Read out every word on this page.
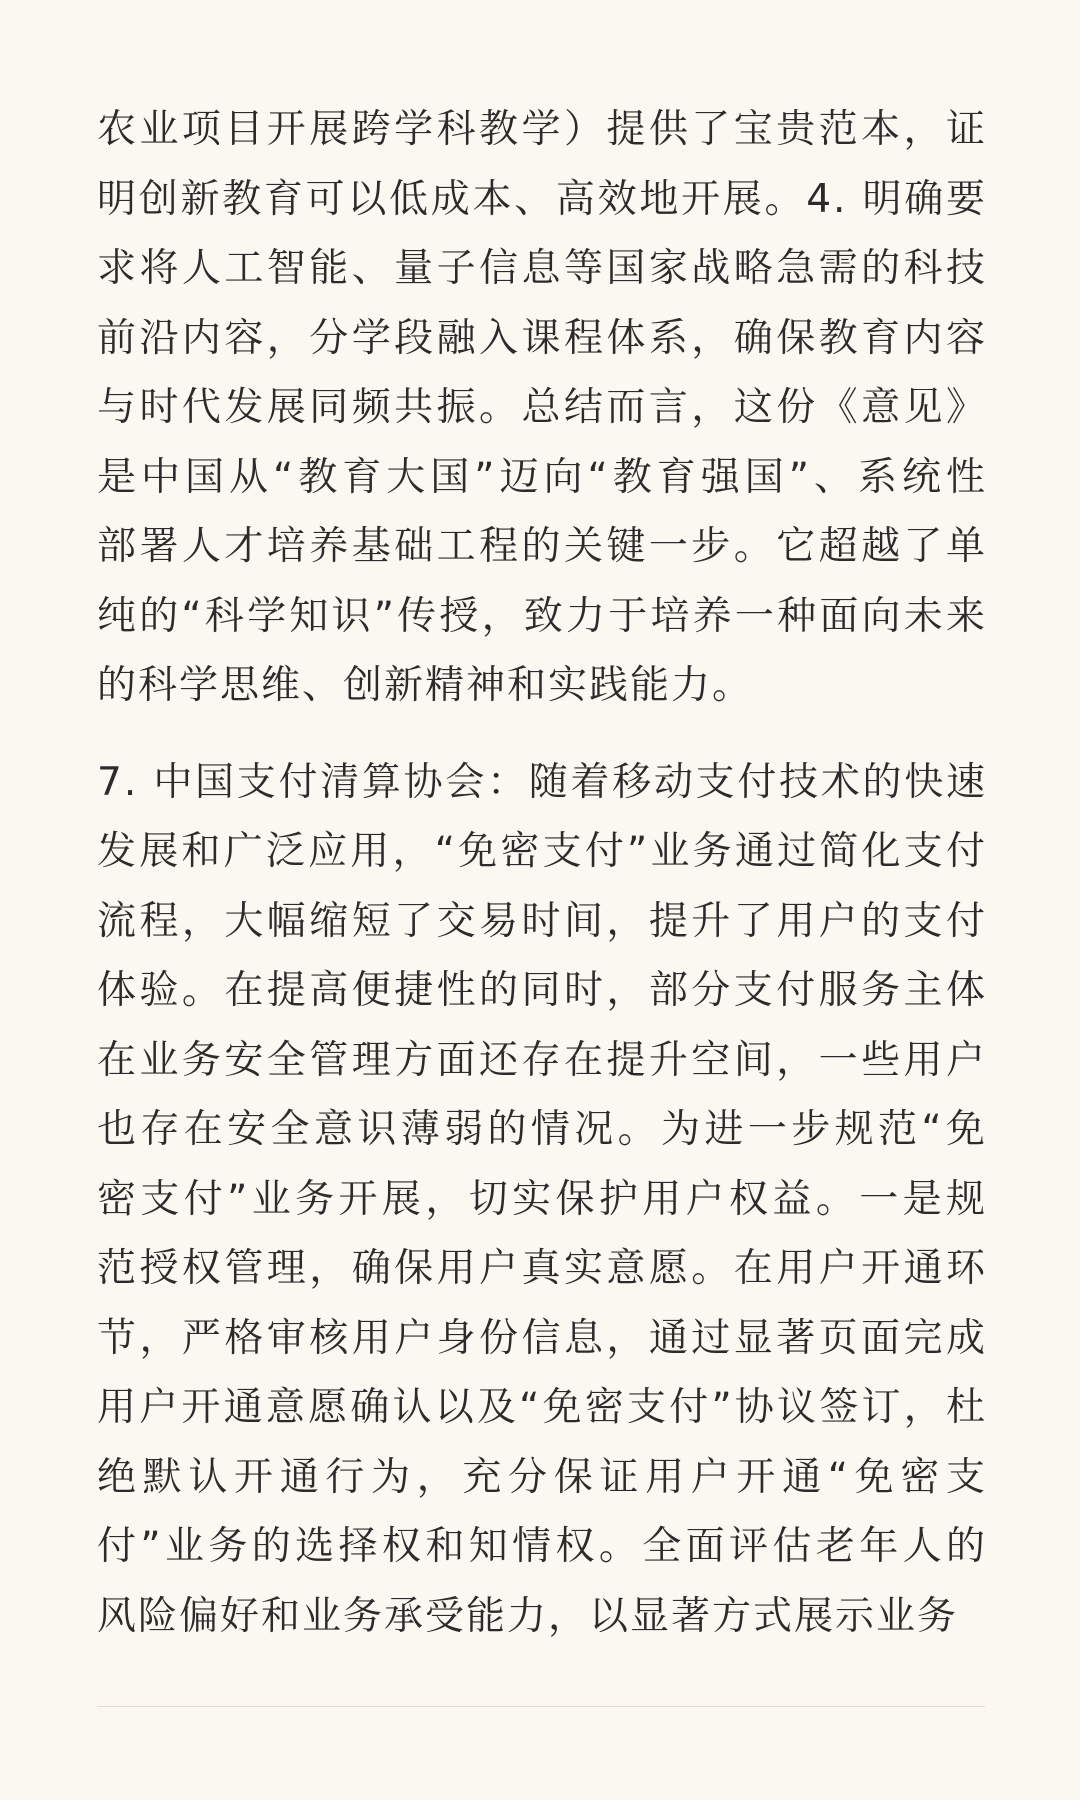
农业项目开展跨学科教学）提供了宝贵范本，证
明创新教育可以低成本、高效地开展。4. 明确要
求将人工智能、量子信息等国家战略急需的科技
前沿内容，分学段融入课程体系，确保教育内容
与时代发展同频共振。总结而言，这份《意见》
是中国从“教育大国”迈向“教育强国”、系统性
部署人才培养基础工程的关键一步。它超越了单
纯的“科学知识”传授，致力于培养一种面向未来
的科学思维、创新精神和实践能力。
7. 中国支付清算协会：随着移动支付技术的快速
发展和广泛应用，“免密支付”业务通过简化支付
流程，大幅缩短了交易时间，提升了用户的支付
体验。在提高便捷性的同时，部分支付服务主体
在业务安全管理方面还存在提升空间，一些用户
也存在安全意识薄弱的情况。为进一步规范“免
密支付”业务开展，切实保护用户权益。一是规
范授权管理，确保用户真实意愿。在用户开通环
节，严格审核用户身份信息，通过显著页面完成
用户开通意愿确认以及“免密支付”协议签订，杜
绝默认开通行为，充分保证用户开通“免密支
付”业务的选择权和知情权。全面评估老年人的
风险偏好和业务承受能力，以显著方式展示业务
